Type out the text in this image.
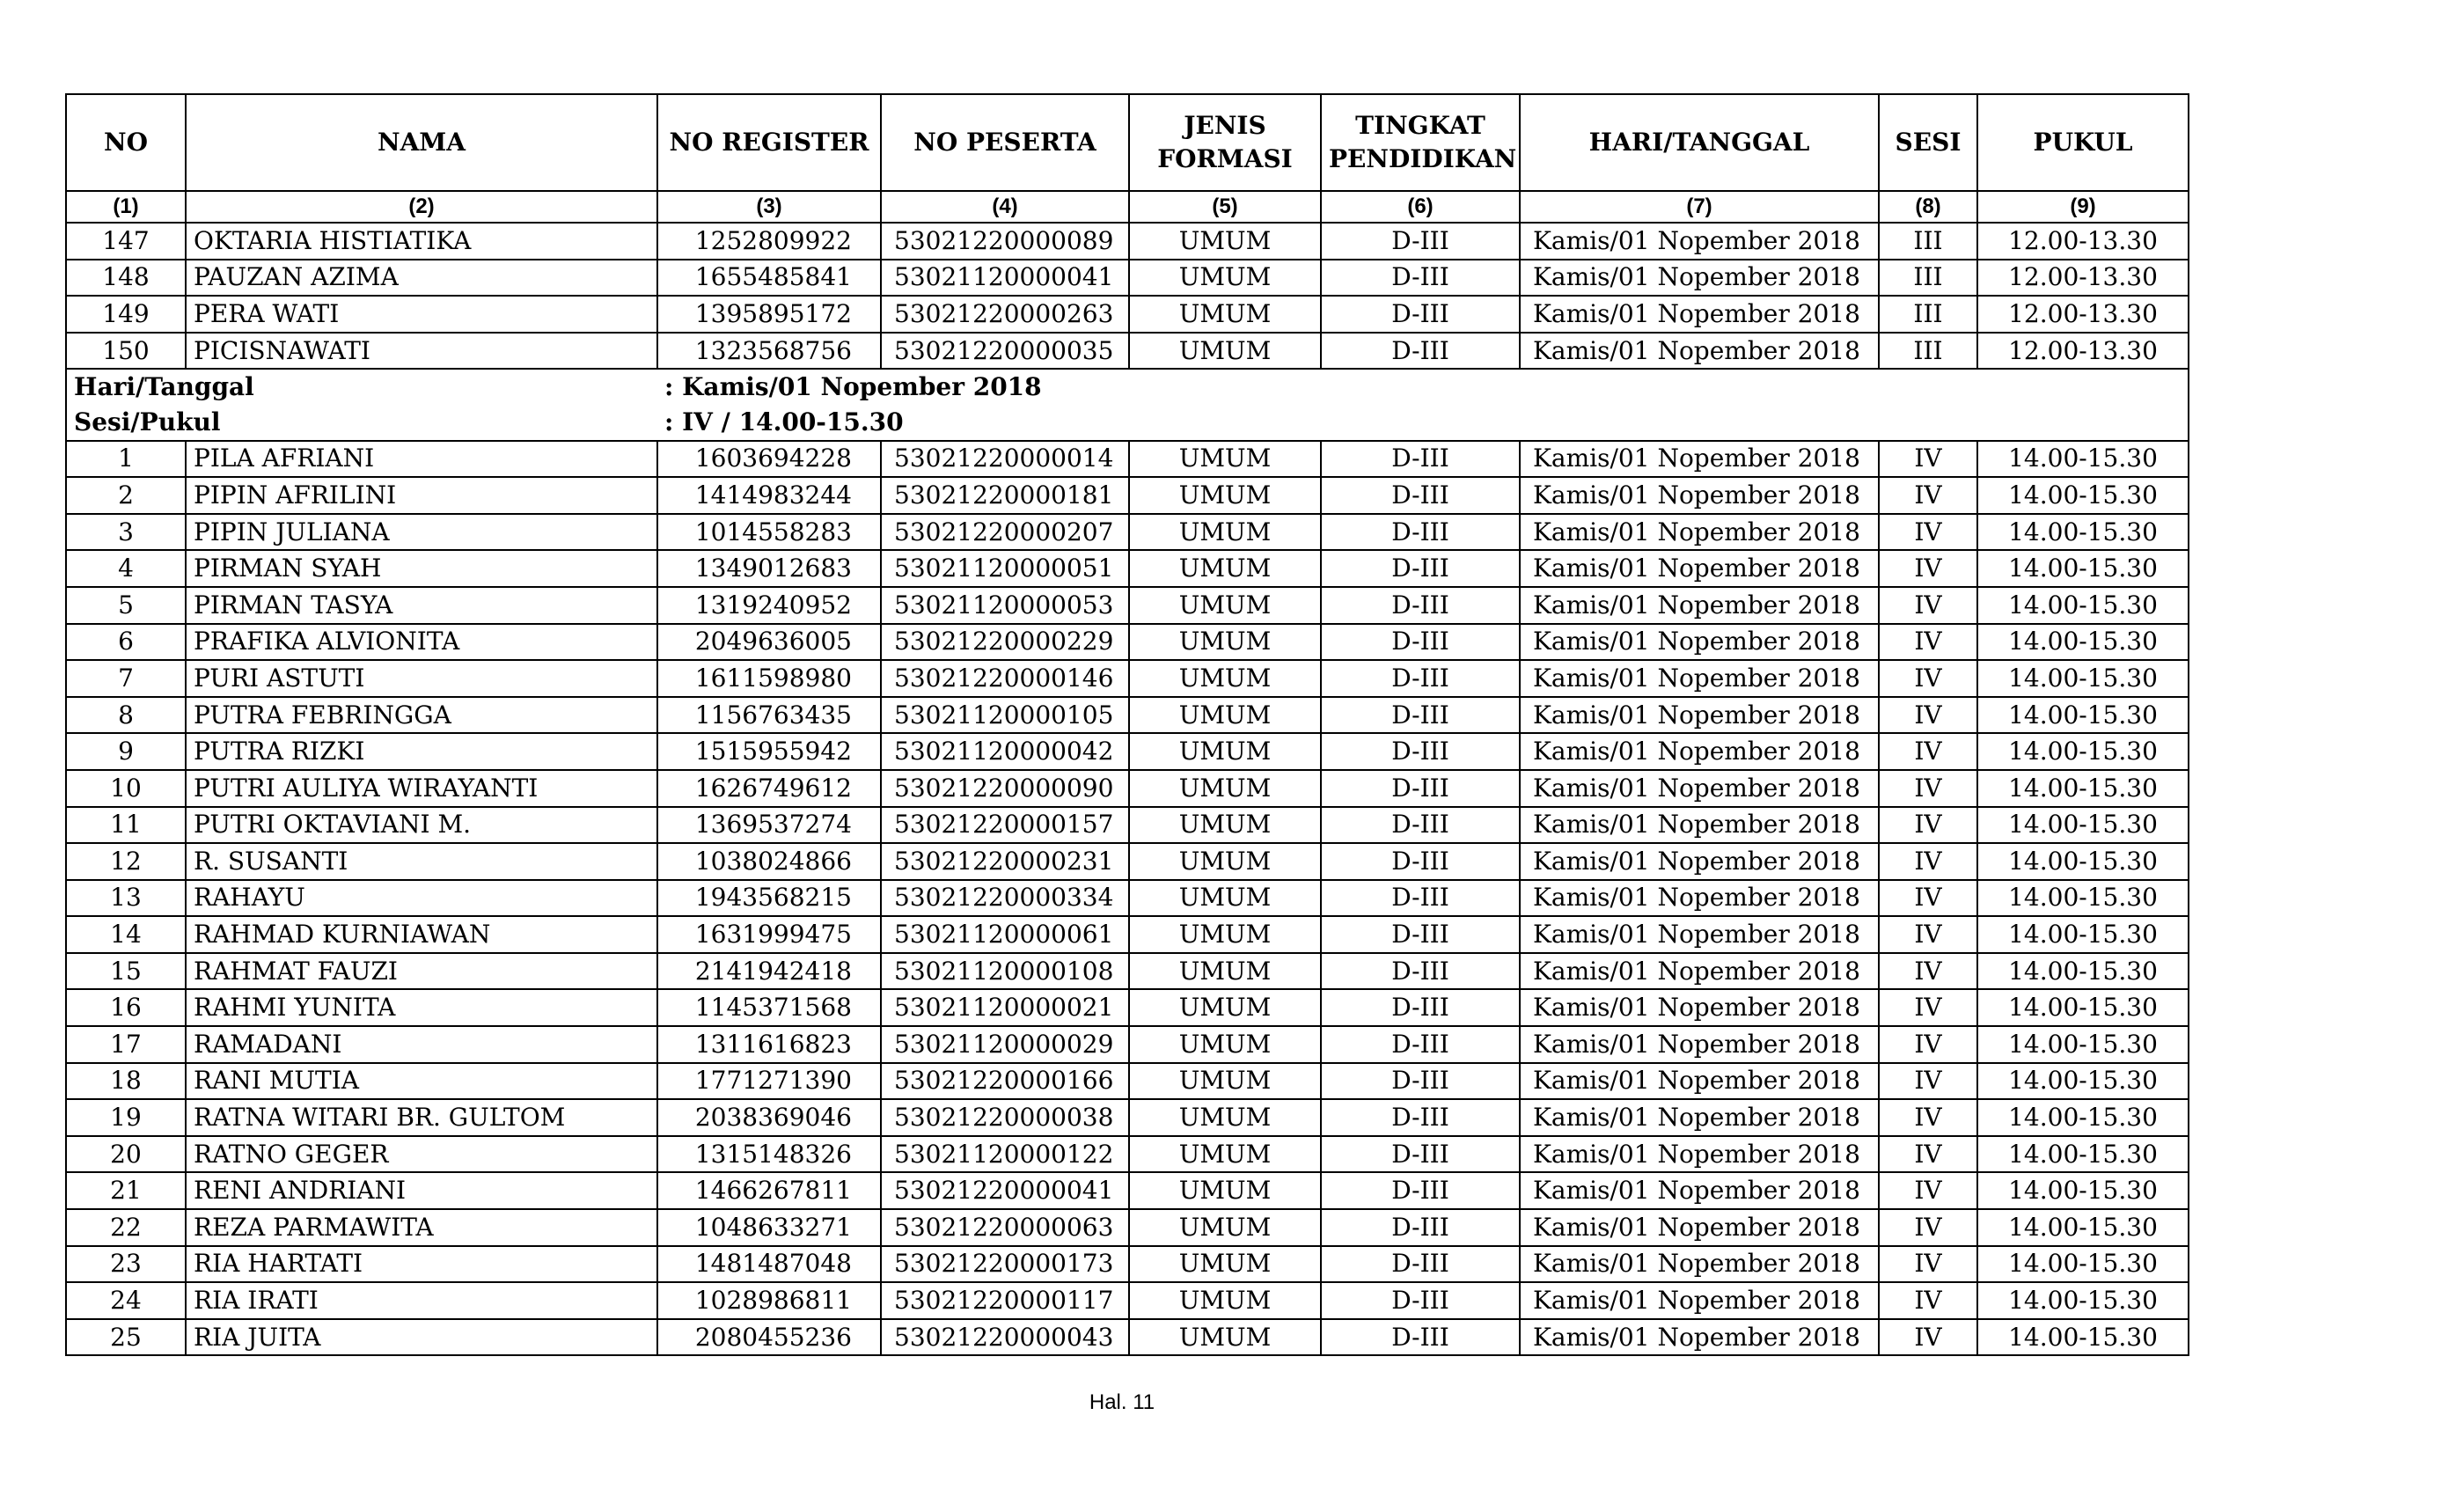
NO	NAMA	NO REGISTER	NO PESERTA	JENIS FORMASI	TINGKAT PENDIDIKAN	HARI/TANGGAL	SESI	PUKUL
(1)	(2)	(3)	(4)	(5)	(6)	(7)	(8)	(9)
147	OKTARIA HISTIATIKA	1252809922	53021220000089	UMUM	D-III	Kamis/01 Nopember 2018	III	12.00-13.30
148	PAUZAN AZIMA	1655485841	53021120000041	UMUM	D-III	Kamis/01 Nopember 2018	III	12.00-13.30
149	PERA WATI	1395895172	53021220000263	UMUM	D-III	Kamis/01 Nopember 2018	III	12.00-13.30
150	PICISNAWATI	1323568756	53021220000035	UMUM	D-III	Kamis/01 Nopember 2018	III	12.00-13.30
Hari/Tanggal		: Kamis/01 Nopember 2018						
Sesi/Pukul		: IV / 14.00-15.30						
1	PILA AFRIANI	1603694228	53021220000014	UMUM	D-III	Kamis/01 Nopember 2018	IV	14.00-15.30
2	PIPIN AFRILINI	1414983244	53021220000181	UMUM	D-III	Kamis/01 Nopember 2018	IV	14.00-15.30
3	PIPIN JULIANA	1014558283	53021220000207	UMUM	D-III	Kamis/01 Nopember 2018	IV	14.00-15.30
4	PIRMAN SYAH	1349012683	53021120000051	UMUM	D-III	Kamis/01 Nopember 2018	IV	14.00-15.30
5	PIRMAN TASYA	1319240952	53021120000053	UMUM	D-III	Kamis/01 Nopember 2018	IV	14.00-15.30
6	PRAFIKA ALVIONITA	2049636005	53021220000229	UMUM	D-III	Kamis/01 Nopember 2018	IV	14.00-15.30
7	PURI ASTUTI	1611598980	53021220000146	UMUM	D-III	Kamis/01 Nopember 2018	IV	14.00-15.30
8	PUTRA FEBRINGGA	1156763435	53021120000105	UMUM	D-III	Kamis/01 Nopember 2018	IV	14.00-15.30
9	PUTRA RIZKI	1515955942	53021120000042	UMUM	D-III	Kamis/01 Nopember 2018	IV	14.00-15.30
10	PUTRI AULIYA WIRAYANTI	1626749612	53021220000090	UMUM	D-III	Kamis/01 Nopember 2018	IV	14.00-15.30
11	PUTRI OKTAVIANI M.	1369537274	53021220000157	UMUM	D-III	Kamis/01 Nopember 2018	IV	14.00-15.30
12	R. SUSANTI	1038024866	53021220000231	UMUM	D-III	Kamis/01 Nopember 2018	IV	14.00-15.30
13	RAHAYU	1943568215	53021220000334	UMUM	D-III	Kamis/01 Nopember 2018	IV	14.00-15.30
14	RAHMAD KURNIAWAN	1631999475	53021120000061	UMUM	D-III	Kamis/01 Nopember 2018	IV	14.00-15.30
15	RAHMAT FAUZI	2141942418	53021120000108	UMUM	D-III	Kamis/01 Nopember 2018	IV	14.00-15.30
16	RAHMI YUNITA	1145371568	53021120000021	UMUM	D-III	Kamis/01 Nopember 2018	IV	14.00-15.30
17	RAMADANI	1311616823	53021120000029	UMUM	D-III	Kamis/01 Nopember 2018	IV	14.00-15.30
18	RANI MUTIA	1771271390	53021220000166	UMUM	D-III	Kamis/01 Nopember 2018	IV	14.00-15.30
19	RATNA WITARI BR. GULTOM	2038369046	53021220000038	UMUM	D-III	Kamis/01 Nopember 2018	IV	14.00-15.30
20	RATNO GEGER	1315148326	53021120000122	UMUM	D-III	Kamis/01 Nopember 2018	IV	14.00-15.30
21	RENI ANDRIANI	1466267811	53021220000041	UMUM	D-III	Kamis/01 Nopember 2018	IV	14.00-15.30
22	REZA PARMAWITA	1048633271	53021220000063	UMUM	D-III	Kamis/01 Nopember 2018	IV	14.00-15.30
23	RIA HARTATI	1481487048	53021220000173	UMUM	D-III	Kamis/01 Nopember 2018	IV	14.00-15.30
24	RIA IRATI	1028986811	53021220000117	UMUM	D-III	Kamis/01 Nopember 2018	IV	14.00-15.30
25	RIA JUITA	2080455236	53021220000043	UMUM	D-III	Kamis/01 Nopember 2018	IV	14.00-15.30
Hal. 11
